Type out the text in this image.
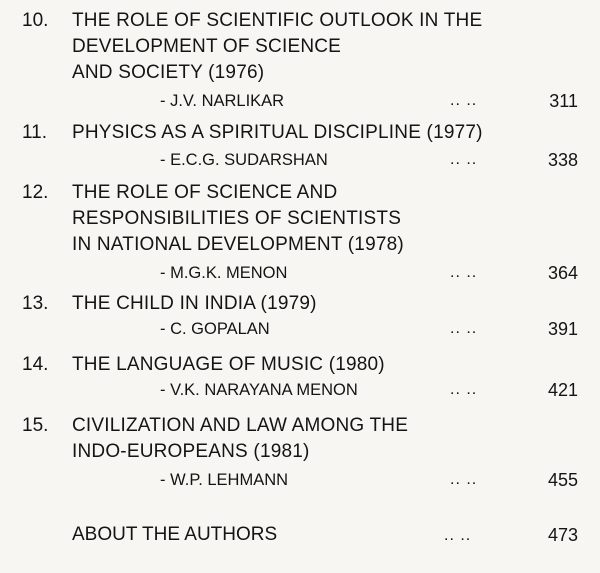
10. THE ROLE OF SCIENTIFIC OUTLOOK IN THE
DEVELOPMENT OF SCIENCE
AND SOCIETY (1976)
- J.V. NARLIKAR	.. ..	311
11. PHYSICS AS A SPIRITUAL DISCIPLINE (1977)
- E.C.G. SUDARSHAN	.. ..	338
12. THE ROLE OF SCIENCE AND
RESPONSIBILITIES OF SCIENTISTS
IN NATIONAL DEVELOPMENT (1978)
- M.G.K. MENON	.. ..	364
13. THE CHILD IN INDIA (1979)
- C. GOPALAN	.. ..	391
14. THE LANGUAGE OF MUSIC (1980)
- V.K. NARAYANA MENON	.. ..	421
15. CIVILIZATION AND LAW AMONG THE
INDO-EUROPEANS (1981)
- W.P. LEHMANN	.. ..	455
ABOUT THE AUTHORS	.. ..	473
